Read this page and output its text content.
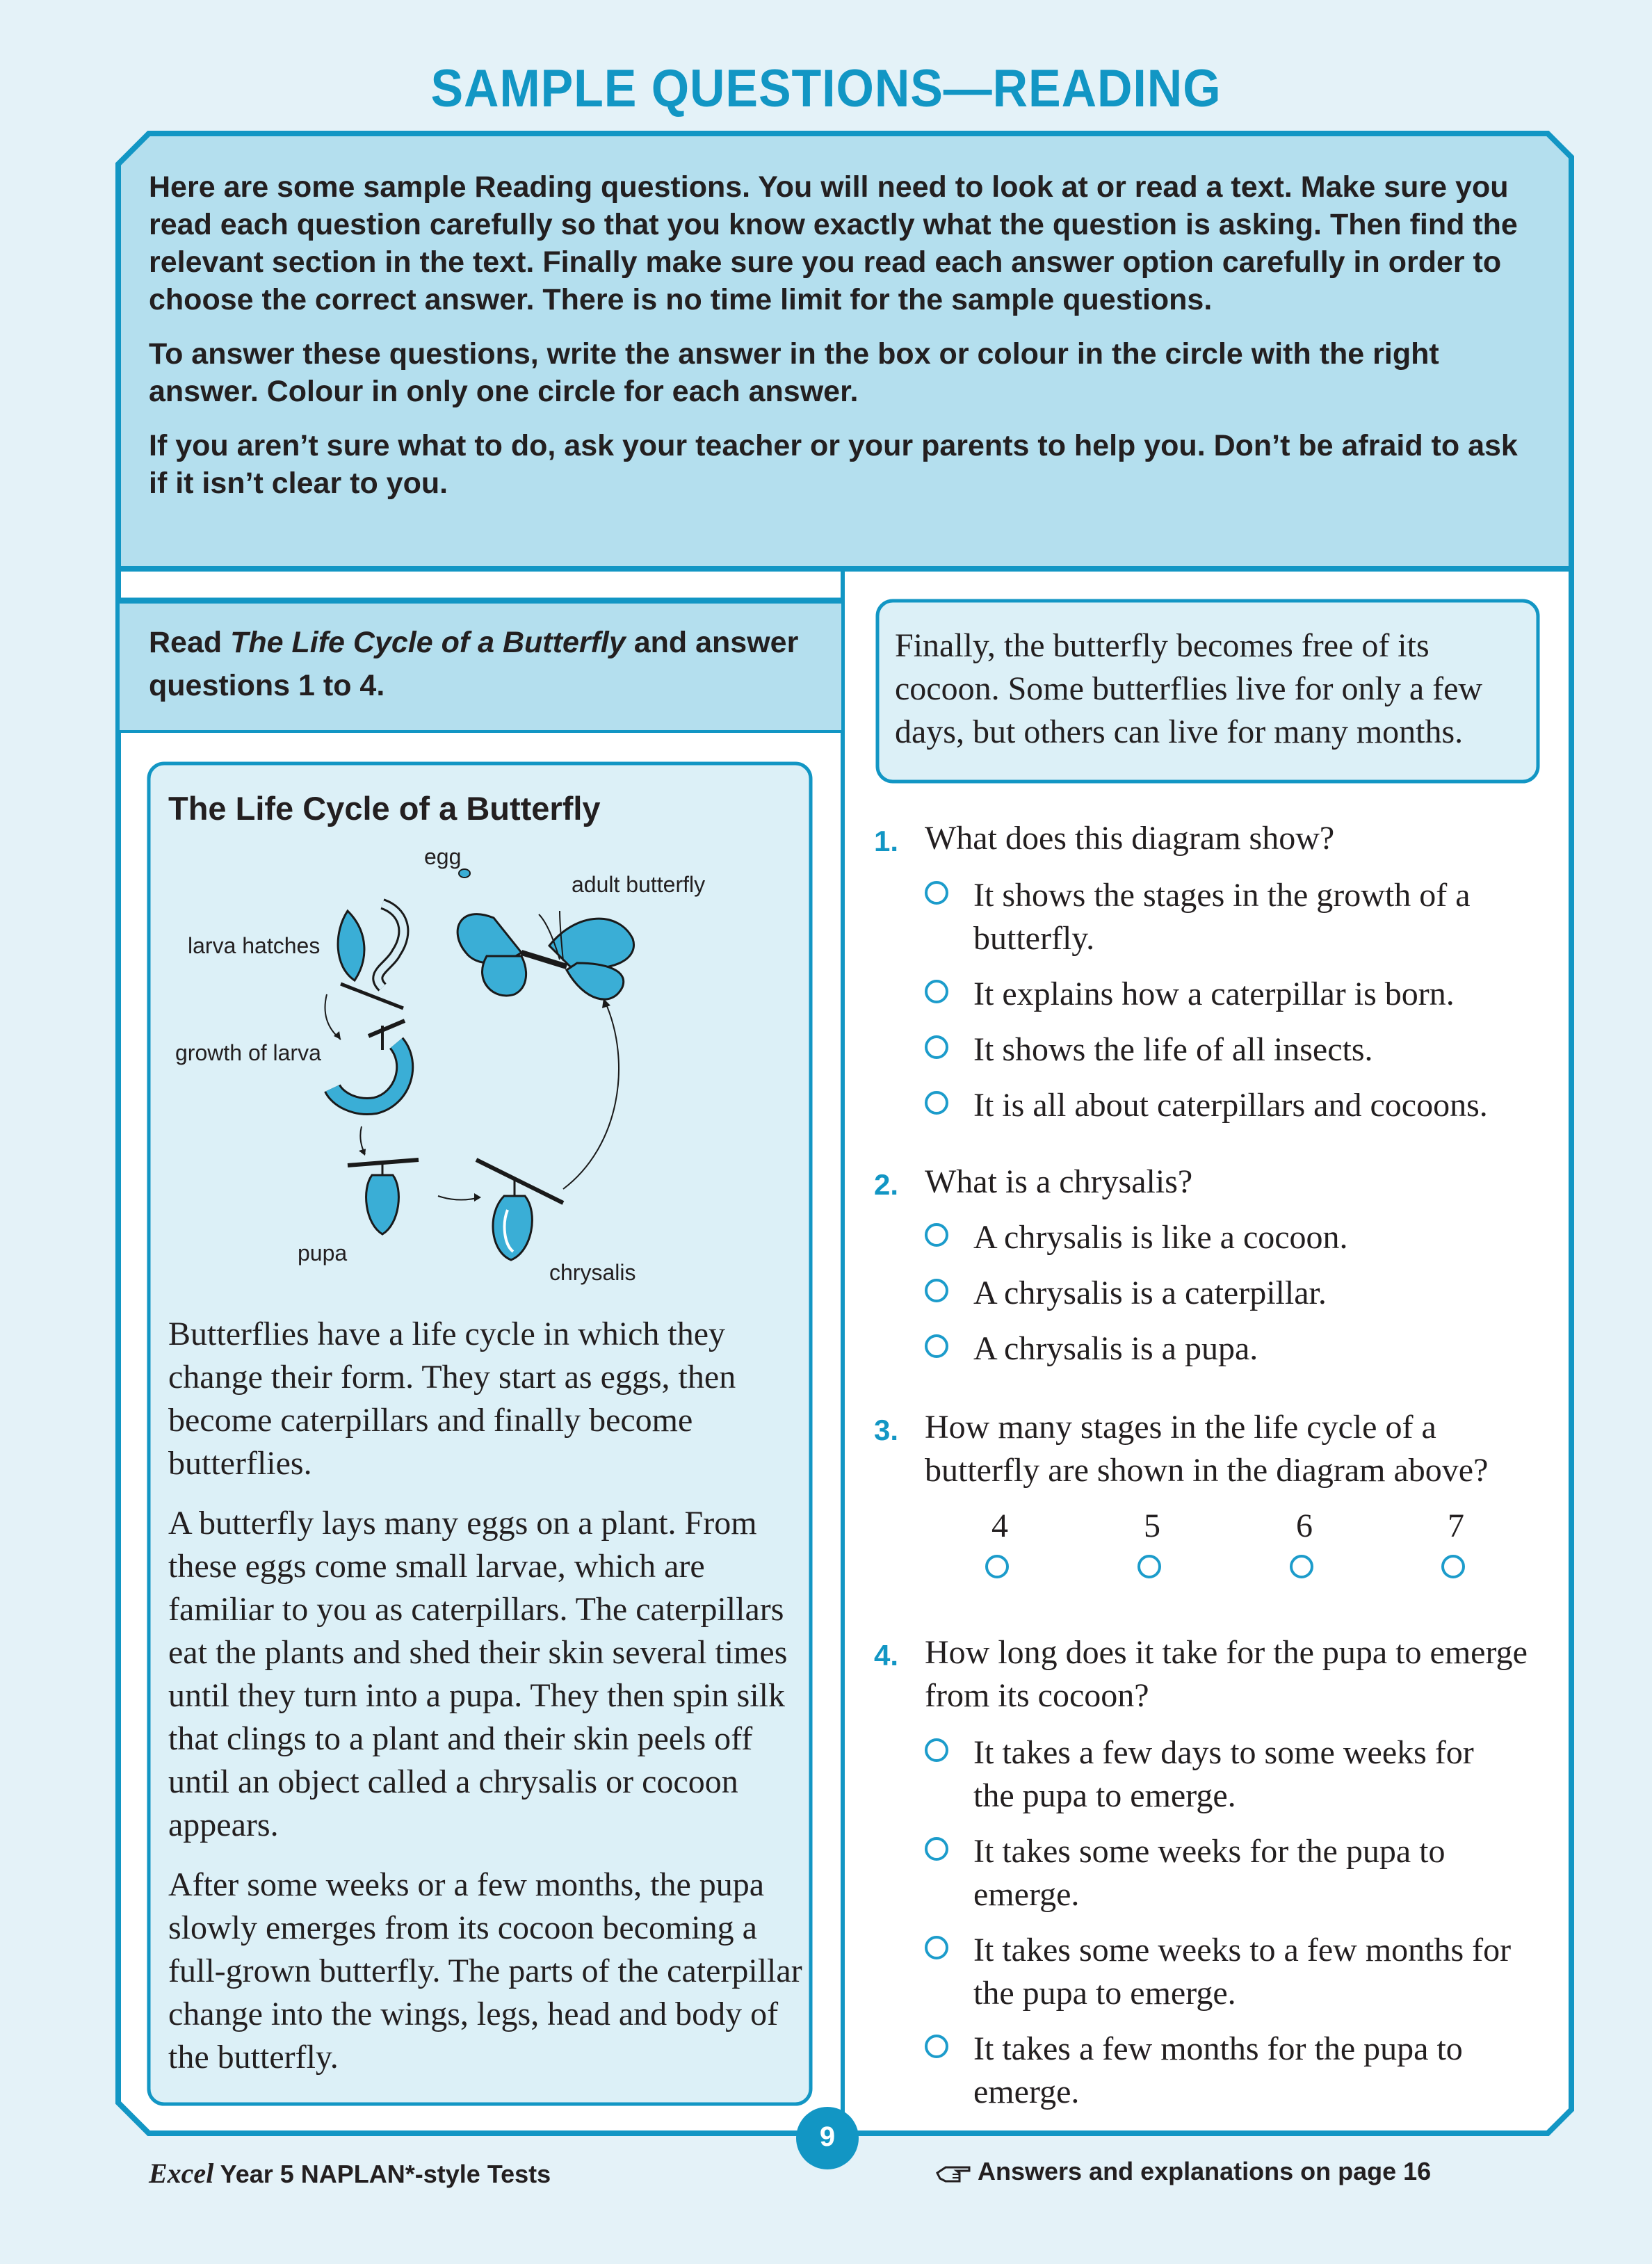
SAMPLE QUESTIONS—READING

Here are some sample Reading questions. You will need to look at or read a text. Make sure you read each question carefully so that you know exactly what the question is asking. Then find the relevant section in the text. Finally make sure you read each answer option carefully in order to choose the correct answer. There is no time limit for the sample questions.

To answer these questions, write the answer in the box or colour in the circle with the right answer. Colour in only one circle for each answer.

If you aren’t sure what to do, ask your teacher or your parents to help you. Don’t be afraid to ask if it isn’t clear to you.

Read The Life Cycle of a Butterfly and answer questions 1 to 4.
The Life Cycle of a Butterfly
egg
adult butterfly
larva hatches
growth of larva
pupa
chrysalis

Butterflies have a life cycle in which they change their form. They start as eggs, then become caterpillars and finally become butterflies.

A butterfly lays many eggs on a plant. From these eggs come small larvae, which are familiar to you as caterpillars. The caterpillars eat the plants and shed their skin several times until they turn into a pupa. They then spin silk that clings to a plant and their skin peels off until an object called a chrysalis or cocoon appears.

After some weeks or a few months, the pupa slowly emerges from its cocoon becoming a full-grown butterfly. The parts of the caterpillar change into the wings, legs, head and body of the butterfly.

Finally, the butterfly becomes free of its cocoon. Some butterflies live for only a few days, but others can live for many months.
1. What does this diagram show?
It shows the stages in the growth of a butterfly.
It explains how a caterpillar is born.
It shows the life of all insects.
It is all about caterpillars and cocoons.
2. What is a chrysalis?
A chrysalis is like a cocoon.
A chrysalis is a caterpillar.
A chrysalis is a pupa.
3. How many stages in the life cycle of a butterfly are shown in the diagram above?
4	5	6	7
4. How long does it take for the pupa to emerge from its cocoon?
It takes a few days to some weeks for the pupa to emerge.
It takes some weeks for the pupa to emerge.
It takes some weeks to a few months for the pupa to emerge.
It takes a few months for the pupa to emerge.
Excel Year 5 NAPLAN*-style Tests
9
Answers and explanations on page 16
